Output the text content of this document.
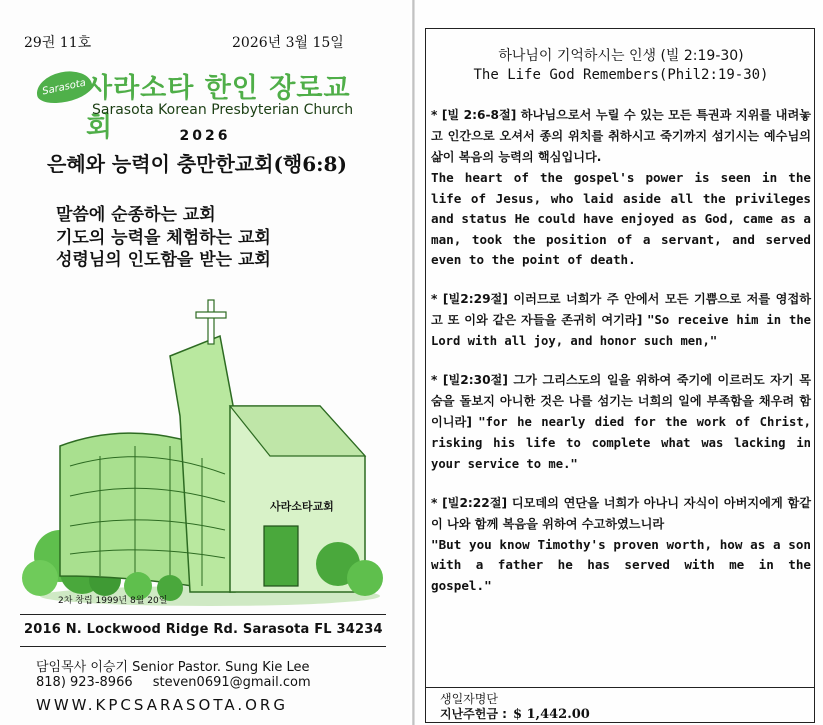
29권 11호	2026년 3월 15일
Sarasota 사라소타 한인 장로교회
Sarasota Korean Presbyterian Church
2026
은혜와 능력이 충만한교회(행6:8)
말씀에 순종하는 교회
기도의 능력을 체험하는 교회
성령님의 인도함을 받는 교회
사라소타교회
2차 창립 1999년 8월 20일
2016 N. Lockwood Ridge Rd. Sarasota FL 34234
담임목사 이승기 Senior Pastor. Sung Kie Lee
818) 923-8966 steven0691@gmail.com
WWW.KPCSARASOTA.ORG
하나님이 기억하시는 인생 (빌 2:19-30)
The Life God Remembers(Phil2:19-30)
* [빌 2:6-8절] 하나님으로서 누릴 수 있는 모든 특권과 지위를 내려놓고 인간으로 오셔서 종의 위치를 취하시고 죽기까지 섬기시는 예수님의 삶이 복음의 능력의 핵심입니다.
The heart of the gospel's power is seen in the life of Jesus, who laid aside all the privileges and status He could have enjoyed as God, came as a man, took the position of a servant, and served even to the point of death.
* [빌2:29절] 이러므로 너희가 주 안에서 모든 기쁨으로 저를 영접하고 또 이와 같은 자들을 존귀히 여기라] "So receive him in the Lord with all joy, and honor such men,"
* [빌2:30절] 그가 그리스도의 일을 위하여 죽기에 이르러도 자기 목숨을 돌보지 아니한 것은 나를 섬기는 너희의 일에 부족함을 채우려 함이니라] "for he nearly died for the work of Christ, risking his life to complete what was lacking in your service to me."
* [빌2:22절] 디모데의 연단을 너희가 아나니 자식이 아버지에게 함같이 나와 함께 복음을 위하여 수고하였느니라
"But you know Timothy's proven worth, how as a son with a father he has served with me in the gospel."
생일자명단
지난주헌금 : $ 1,442.00
